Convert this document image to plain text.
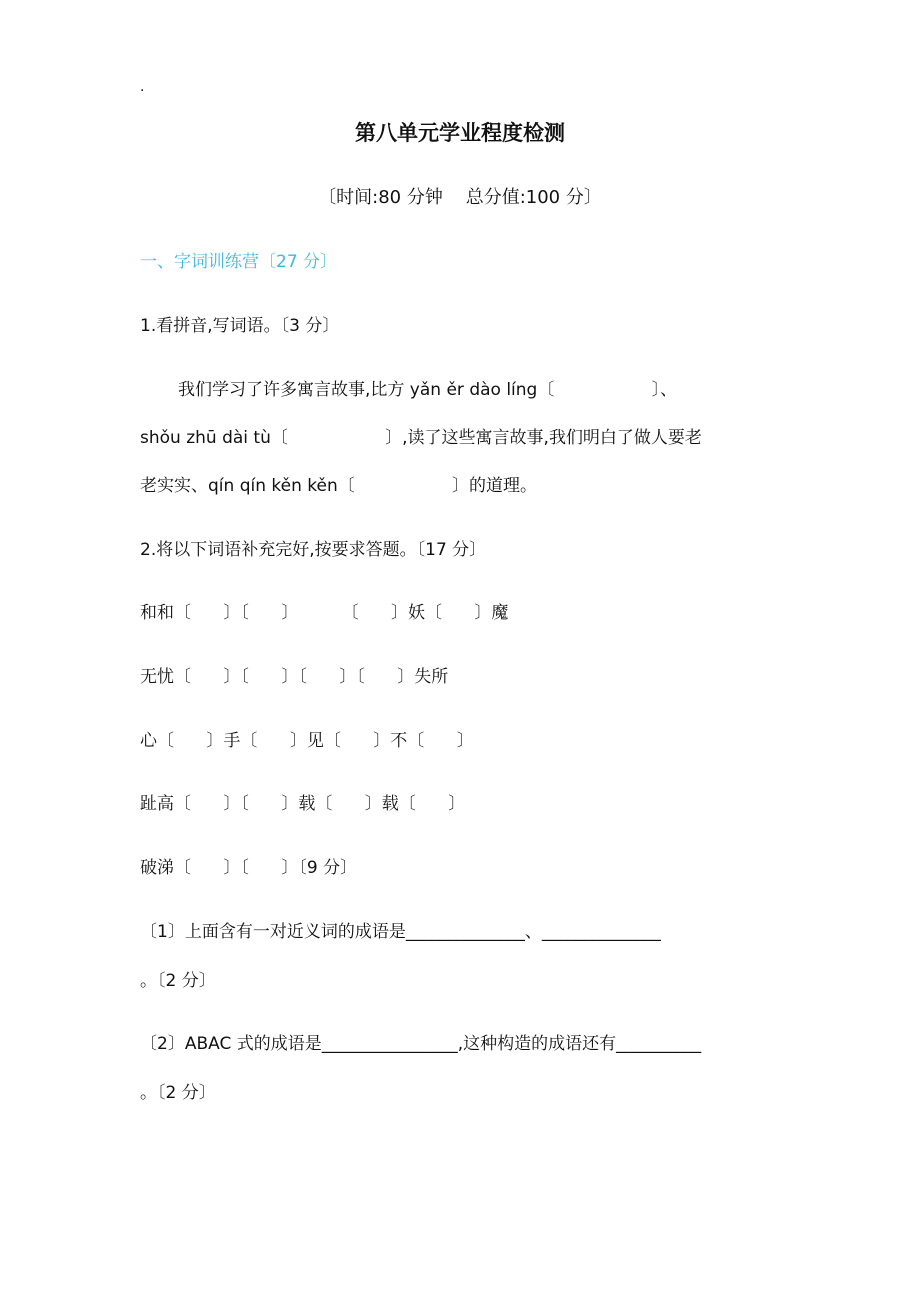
.
第八单元学业程度检测
〔时间:80 分钟    总分值:100 分〕
一、字词训练营〔27 分〕
1.看拼音,写词语。〔3 分〕
我们学习了许多寓言故事,比方 yǎn ěr dào líng〔                  〕、
shǒu zhū dài tù〔                  〕,读了这些寓言故事,我们明白了做人要老
老实实、qín qín kěn kěn〔                  〕的道理。
2.将以下词语补充完好,按要求答题。〔17 分〕
和和〔      〕〔      〕        〔      〕妖〔      〕魔
无忧〔      〕〔      〕〔      〕〔      〕失所
心〔      〕手〔      〕见〔      〕不〔      〕
趾高〔      〕〔      〕载〔      〕载〔      〕
破涕〔      〕〔      〕〔9 分〕
〔1〕上面含有一对近义词的成语是______________、______________
。〔2 分〕
〔2〕ABAC 式的成语是________________,这种构造的成语还有__________
。〔2 分〕
